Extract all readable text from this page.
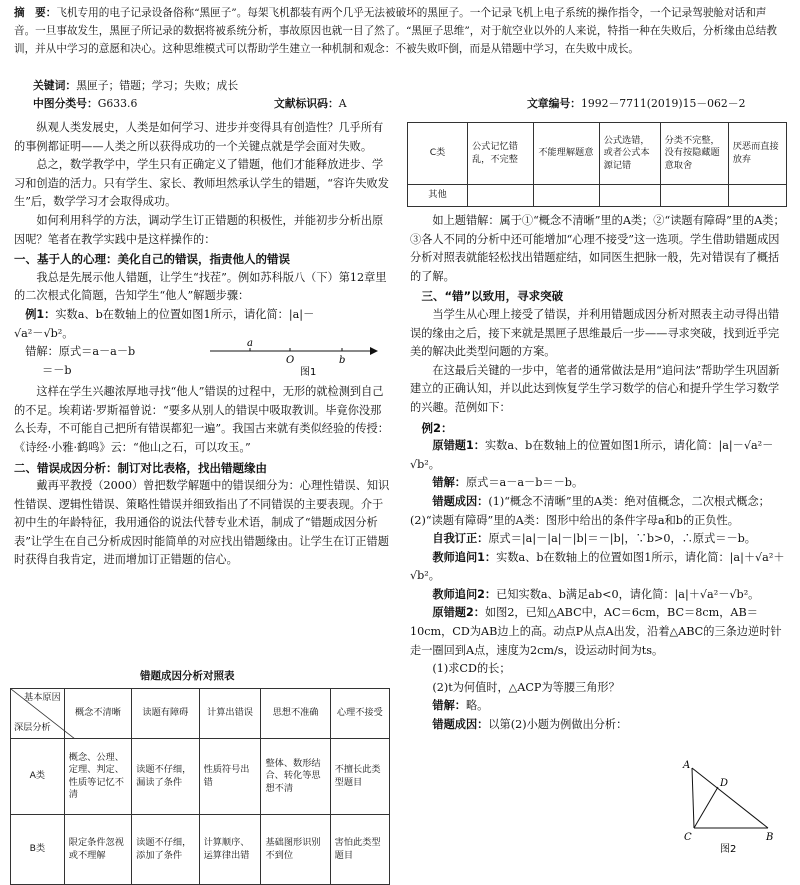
摘　要：飞机专用的电子记录设备俗称“黑匣子”。每架飞机都装有两个几乎无法被破坏的黑匣子。一个记录飞机上电子系统的操作指令，一个记录驾驶舱对话和声音。一旦事故发生，黑匣子所记录的数据将被系统分析，事故原因也就一目了然了。“黑匣子思维”，对于航空业以外的人来说，特指一种在失败后，分析缘由总结教训，并从中学习的意愿和决心。这种思维模式可以帮助学生建立一种机制和观念：不被失败吓倒，而是从错题中学习，在失败中成长。
关键词：黑匣子；错题；学习；失败；成长
中图分类号：G633.6	文献标识码：A	文章编号：1992－7711(2019)15－062－2

纵观人类发展史，人类是如何学习、进步并变得具有创造性？几乎所有的事例都证明——人类之所以获得成功的一个关键点就是学会面对失败。

总之，数学教学中，学生只有正确定义了错题，他们才能释放进步、学习和创造的活力。只有学生、家长、教师坦然承认学生的错题，“容许失败发生”后，数学学习才会取得成功。

如何利用科学的方法，调动学生订正错题的积极性，并能初步分析出原因呢？笔者在教学实践中是这样操作的：

一、基于人的心理：美化自己的错误，指责他人的错误

我总是先展示他人错题，让学生“找茬”。例如苏科版八（下）第12章里的二次根式化简题，告知学生“他人”解题步骤：

例1：实数a、b在数轴上的位置如图1所示，请化简：|a|－

√a²－√b²。

错解：原式＝a－a－b
＝－b
a
O	b
图1

这样在学生兴趣浓厚地寻找“他人”错误的过程中，无形的就检测到自己的不足。埃莉诺·罗斯福曾说：“要多从别人的错误中吸取教训。毕竟你没那么长寿，不可能自己把所有错误都犯一遍”。我国古来就有类似经验的传授：《诗经·小雅·鹤鸣》云：“他山之石，可以攻玉。”

二、错误成因分析：制订对比表格，找出错题缘由

戴再平教授（2000）曾把数学解题中的错误细分为：心理性错误、知识性错误、逻辑性错误、策略性错误并细致指出了不同错误的主要表现。介于初中生的年龄特征，我用通俗的说法代替专业术语，制成了“错题成因分析表”让学生在自己分析成因时能简单的对应找出错题缘由。让学生在订正错题时获得自我肯定，进而增加订正错题的信心。

错题成因分析对照表
基本原因
深层分析	概念不清晰	读题有障碍	计算出错误	思想不准确	心理不接受
A类	概念、公理、定理、判定、性质等记忆不清	读题不仔细，漏读了条件	性质符号出错	整体、数形结合、转化等思想不清	不擅长此类型题目
B类	限定条件忽视或不理解	读题不仔细，添加了条件	计算顺序、运算律出错	基础图形识别不到位	害怕此类型题目
C类	公式记忆错乱，不完整	不能理解题意	公式选错，或者公式本源记错	分类不完整，没有按隐藏题意取舍	厌恶而直接放弃
其他					

如上题错解：属于①“概念不清晰”里的A类；②“读题有障碍”里的A类；③各人不同的分析中还可能增加“心理不接受”这一选项。学生借助错题成因分析对照表就能轻松找出错题症结，如同医生把脉一般，先对错误有了概括的了解。

三、“错”以致用，寻求突破

当学生从心理上接受了错误，并利用错题成因分析对照表主动寻得出错误的缘由之后，接下来就是黑匣子思维最后一步——寻求突破，找到近乎完美的解决此类型问题的方案。

在这最后关键的一步中，笔者的通常做法是用“追问法”帮助学生巩固新建立的正确认知，并以此达到恢复学生学习数学的信心和提升学生学习数学的兴趣。范例如下：

例2：

原错题1：实数a、b在数轴上的位置如图1所示，请化简：|a|－√a²－√b²。

错解：原式＝a－a－b＝－b。

错题成因：(1)“概念不清晰”里的A类：绝对值概念，二次根式概念；(2)“读题有障碍”里的A类：图形中给出的条件字母a和b的正负性。

自我订正：原式＝|a|－|a|－|b|＝－|b|，∵b>0，∴原式＝－b。

教师追问1：实数a、b在数轴上的位置如图1所示，请化简：|a|＋√a²＋√b²。

教师追问2：已知实数a、b满足ab<0，请化简：|a|＋√a²－√b²。

原错题2：如图2，已知△ABC中，AC＝6cm，BC＝8cm，AB＝10cm，CD为AB边上的高。动点P从点A出发，沿着△ABC的三条边逆时针走一圈回到A点，速度为2cm/s，设运动时间为ts。

(1)求CD的长；

(2)t为何值时，△ACP为等腰三角形？

错解：略。

错题成因：以第(2)小题为例做出分析：

A
D
C	B
图2
